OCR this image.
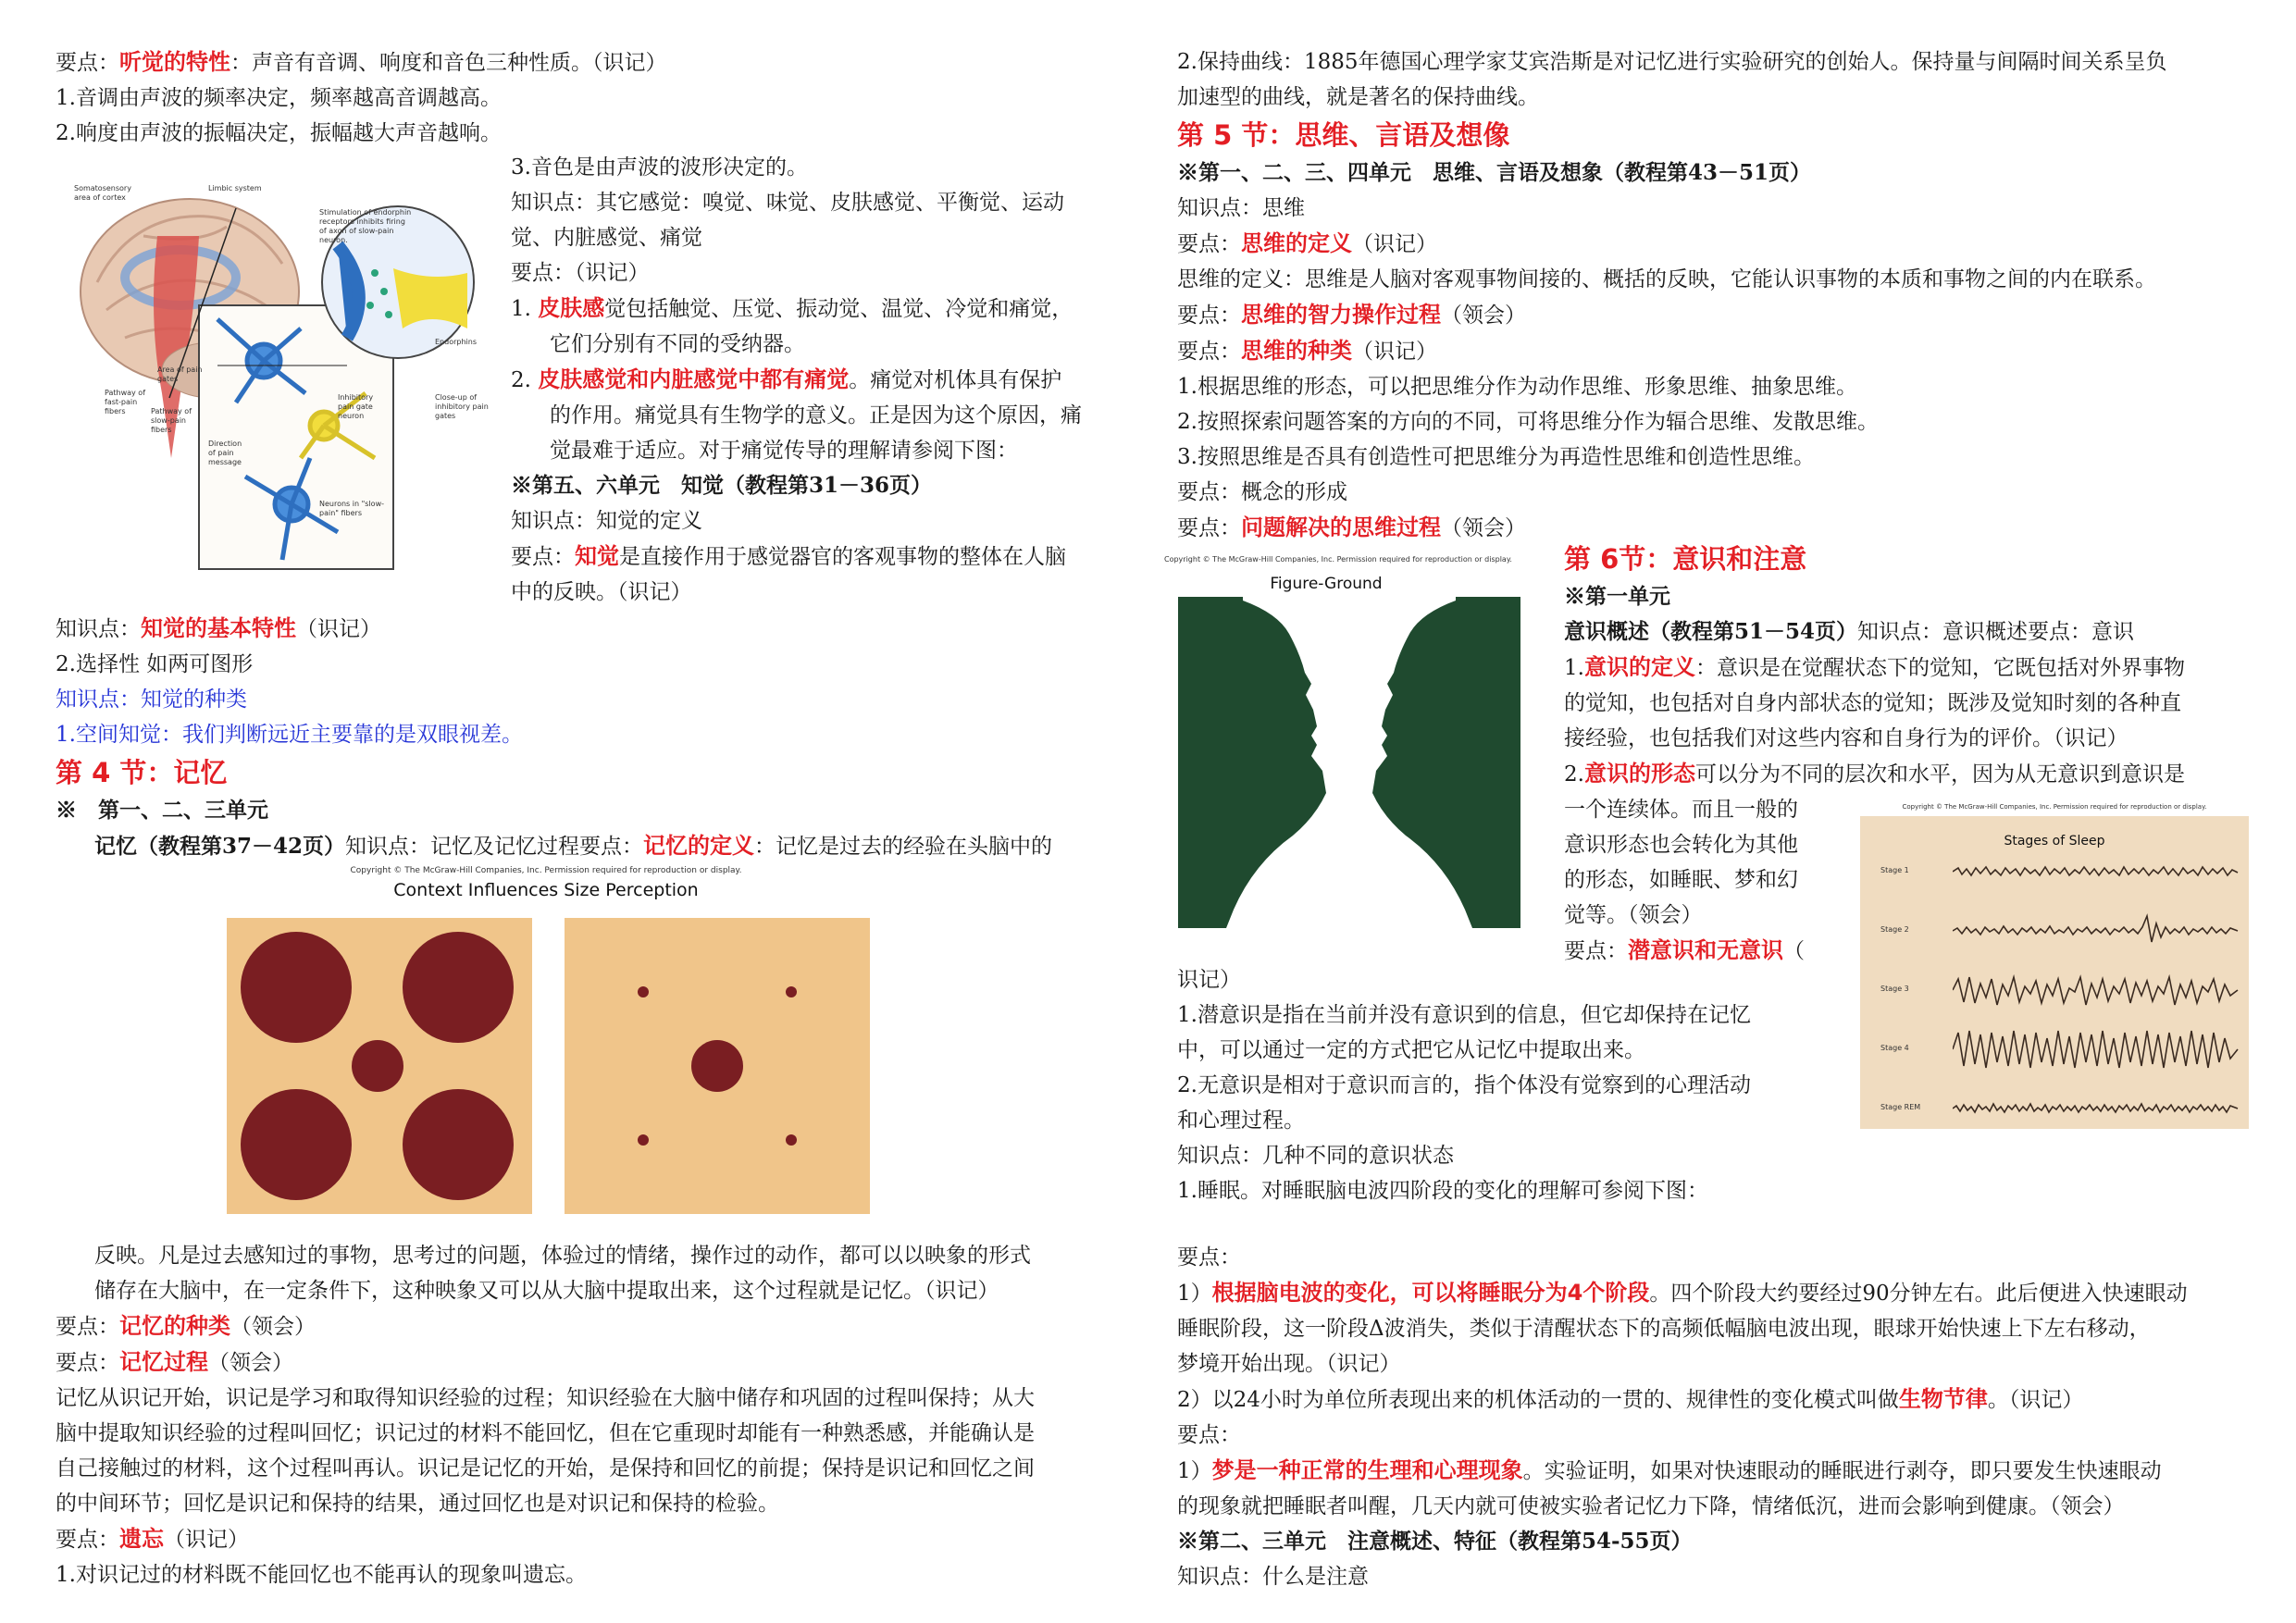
要点：听觉的特性：声音有音调、响度和音色三种性质。（识记）

1.音调由声波的频率决定，频率越高音调越高。

2.响度由声波的振幅决定，振幅越大声音越响。

3.音色是由声波的波形决定的。

知识点：其它感觉：嗅觉、味觉、皮肤感觉、平衡觉、运动

觉、内脏感觉、痛觉

要点：（识记）

1. 皮肤感觉包括触觉、压觉、振动觉、温觉、冷觉和痛觉，

它们分别有不同的受纳器。

2. 皮肤感觉和内脏感觉中都有痛觉。痛觉对机体具有保护

的作用。痛觉具有生物学的意义。正是因为这个原因，痛

觉最难于适应。对于痛觉传导的理解请参阅下图：

※第五、六单元　知觉（教程第31－36页）

知识点：知觉的定义

要点：知觉是直接作用于感觉器官的客观事物的整体在人脑

中的反映。（识记）

Somatosensory area of cortex
Limbic system
Stimulation of endorphin receptors inhibits firing of axon of slow-pain neuron.
Endorphins
Area of pain gates
Pathway of fast-pain fibers	Pathway of slow-pain fibers
Direction of pain message
Inhibitory pain gate neuron
Close-up of inhibitory pain gates
Neurons in "slow-pain" fibers

知识点：知觉的基本特性（识记）

2.选择性 如两可图形

知识点：知觉的种类

1.空间知觉：我们判断远近主要靠的是双眼视差。

第 4 节：记忆

※　第一、二、三单元

记忆（教程第37－42页）知识点：记忆及记忆过程要点：记忆的定义：记忆是过去的经验在头脑中的

Copyright © The McGraw-Hill Companies, Inc. Permission required for reproduction or display.
Context Influences Size Perception

反映。凡是过去感知过的事物，思考过的问题，体验过的情绪，操作过的动作，都可以以映象的形式

储存在大脑中，在一定条件下，这种映象又可以从大脑中提取出来，这个过程就是记忆。（识记）

要点：记忆的种类（领会）

要点：记忆过程（领会）

记忆从识记开始，识记是学习和取得知识经验的过程；知识经验在大脑中储存和巩固的过程叫保持；从大

脑中提取知识经验的过程叫回忆；识记过的材料不能回忆，但在它重现时却能有一种熟悉感，并能确认是

自己接触过的材料，这个过程叫再认。识记是记忆的开始，是保持和回忆的前提；保持是识记和回忆之间

的中间环节；回忆是识记和保持的结果，通过回忆也是对识记和保持的检验。

要点：遗忘（识记）

1.对识记过的材料既不能回忆也不能再认的现象叫遗忘。

2.保持曲线：1885年德国心理学家艾宾浩斯是对记忆进行实验研究的创始人。保持量与间隔时间关系呈负

加速型的曲线，就是著名的保持曲线。

第 5 节：思维、言语及想像

※第一、二、三、四单元　思维、言语及想象（教程第43－51页）

知识点：思维

要点：思维的定义（识记）

思维的定义：思维是人脑对客观事物间接的、概括的反映，它能认识事物的本质和事物之间的内在联系。

要点：思维的智力操作过程（领会）

要点：思维的种类（识记）

1.根据思维的形态，可以把思维分作为动作思维、形象思维、抽象思维。

2.按照探索问题答案的方向的不同，可将思维分作为辐合思维、发散思维。

3.按照思维是否具有创造性可把思维分为再造性思维和创造性思维。

要点：概念的形成

要点：问题解决的思维过程（领会）

Copyright © The McGraw-Hill Companies, Inc. Permission required for reproduction or display.
Figure-Ground

第 6节：意识和注意

※第一单元

意识概述（教程第51－54页）知识点：意识概述要点：意识

1.意识的定义：意识是在觉醒状态下的觉知，它既包括对外界事物

的觉知，也包括对自身内部状态的觉知；既涉及觉知时刻的各种直

接经验，也包括我们对这些内容和自身行为的评价。（识记）

2.意识的形态可以分为不同的层次和水平，因为从无意识到意识是

一个连续体。而且一般的

意识形态也会转化为其他

的形态，如睡眠、梦和幻

觉等。（领会）

要点：潜意识和无意识（

Copyright © The McGraw-Hill Companies, Inc. Permission required for reproduction or display.
Stages of Sleep
Stage 1
Stage 2
Stage 3
Stage 4
Stage REM

识记）

1.潜意识是指在当前并没有意识到的信息，但它却保持在记忆

中，可以通过一定的方式把它从记忆中提取出来。

2.无意识是相对于意识而言的，指个体没有觉察到的心理活动

和心理过程。

知识点：几种不同的意识状态

1.睡眠。对睡眠脑电波四阶段的变化的理解可参阅下图：

要点：

1）根据脑电波的变化，可以将睡眠分为4个阶段。四个阶段大约要经过90分钟左右。此后便进入快速眼动

睡眠阶段，这一阶段Δ波消失，类似于清醒状态下的高频低幅脑电波出现，眼球开始快速上下左右移动，

梦境开始出现。（识记）

2）以24小时为单位所表现出来的机体活动的一贯的、规律性的变化模式叫做生物节律。（识记）

要点：

1）梦是一种正常的生理和心理现象。实验证明，如果对快速眼动的睡眠进行剥夺，即只要发生快速眼动

的现象就把睡眠者叫醒，几天内就可使被实验者记忆力下降，情绪低沉，进而会影响到健康。（领会）

※第二、三单元　注意概述、特征（教程第54-55页）

知识点：什么是注意
